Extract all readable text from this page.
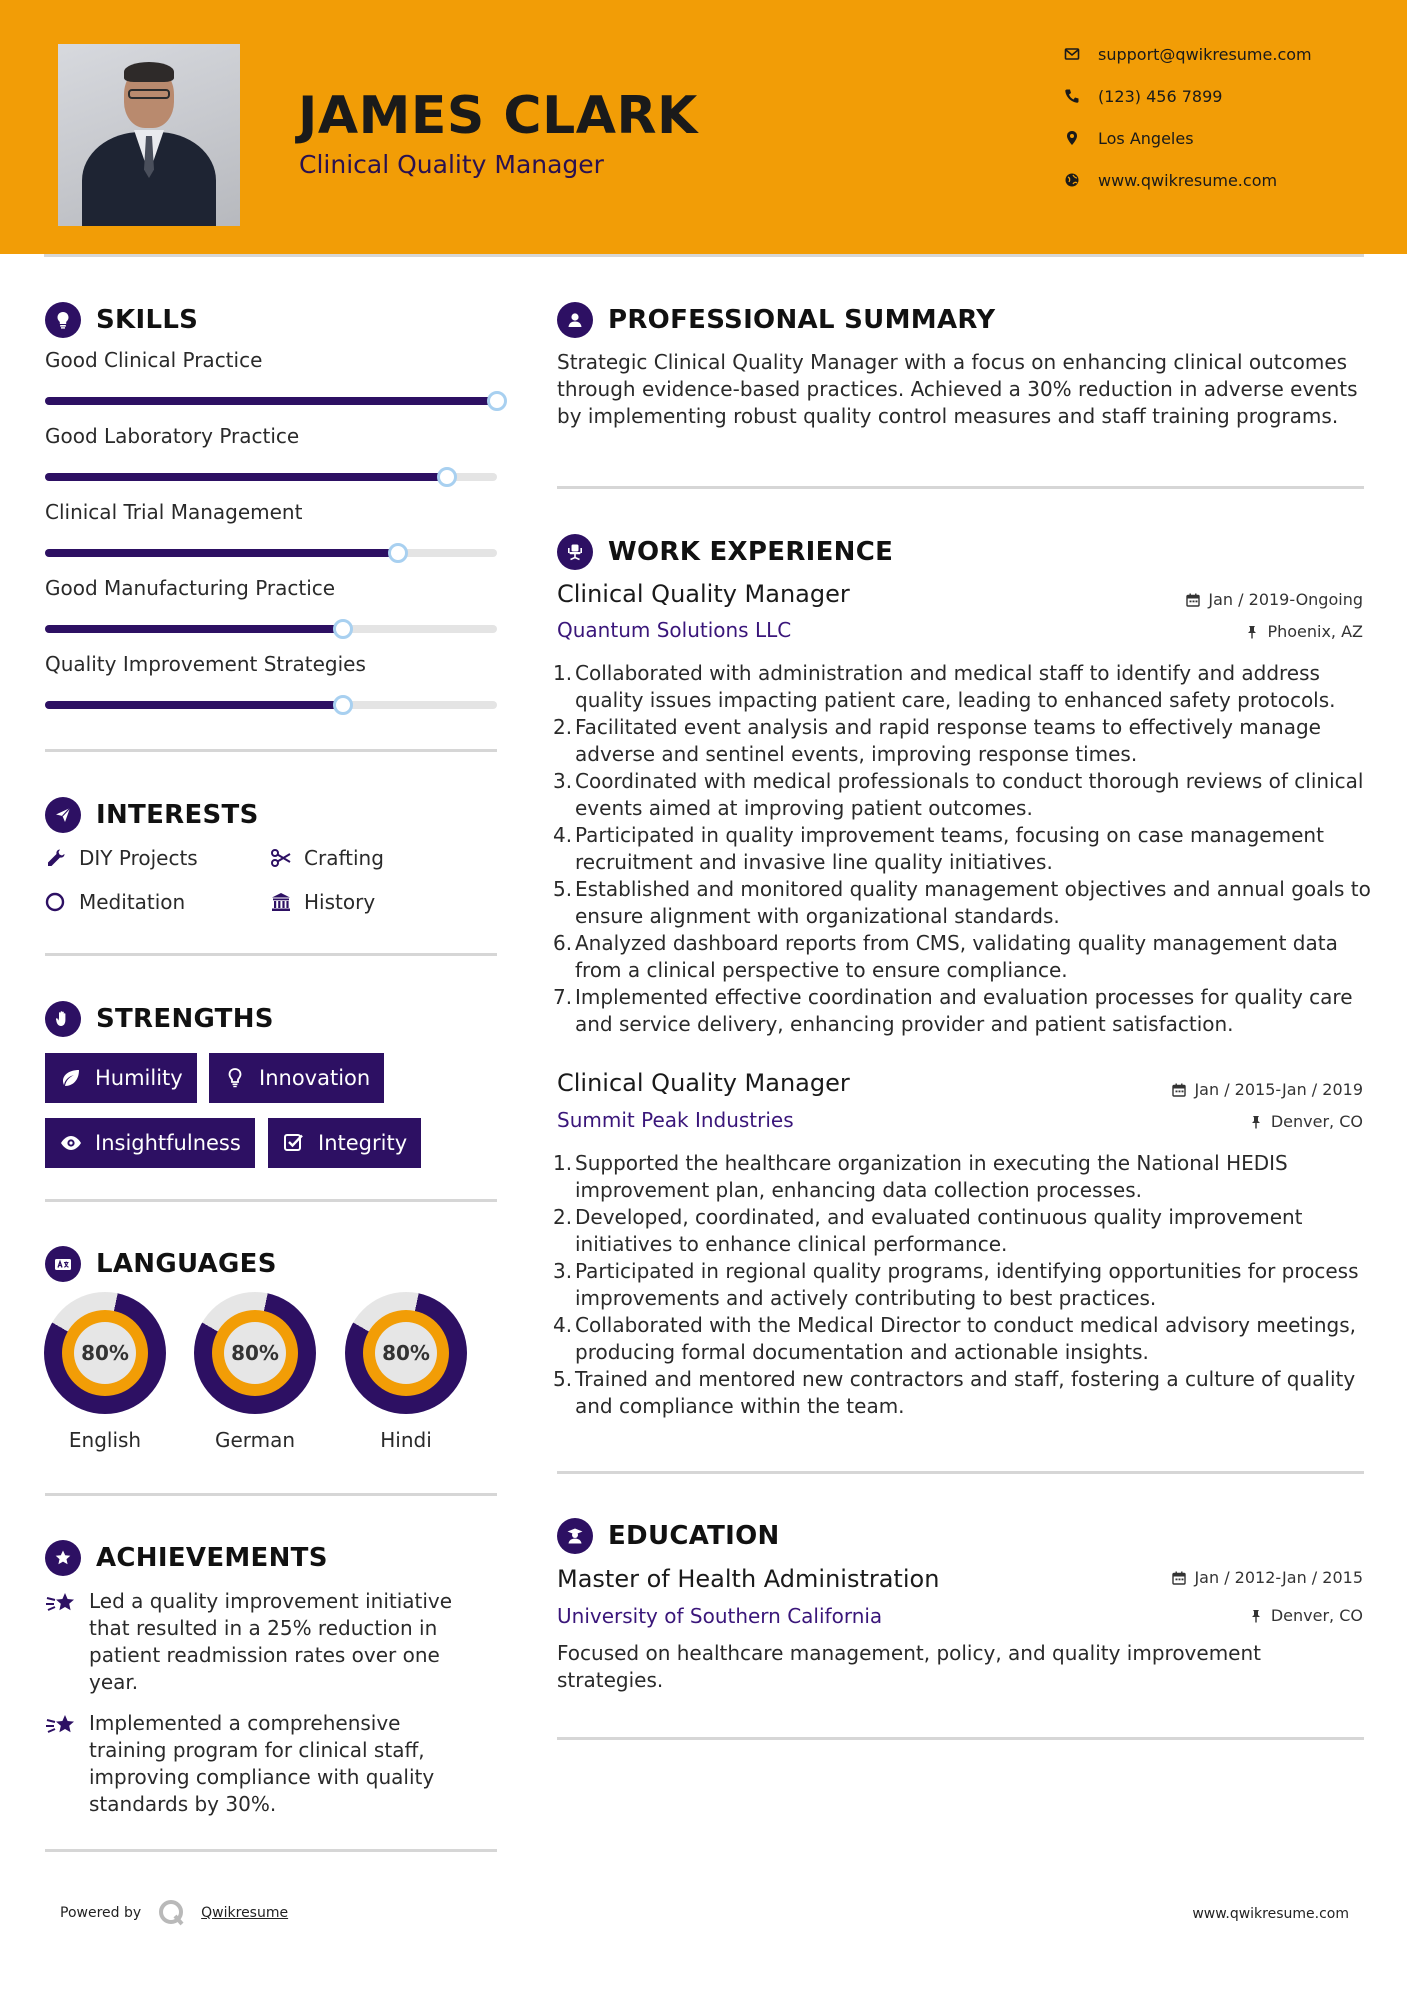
JAMES CLARK
Clinical Quality Manager
support@qwikresume.com
(123) 456 7899
Los Angeles
www.qwikresume.com
SKILLS
Good Clinical Practice
Good Laboratory Practice
Clinical Trial Management
Good Manufacturing Practice
Quality Improvement Strategies
INTERESTS
DIY Projects	Crafting
Meditation	History
STRENGTHS
Humility	Innovation
Insightfulness	Integrity
LANGUAGES
80%
English
80%
German
80%
Hindi
ACHIEVEMENTS
Led a quality improvement initiative that resulted in a 25% reduction in patient readmission rates over one year.
Implemented a comprehensive training program for clinical staff, improving compliance with quality standards by 30%.
PROFESSIONAL SUMMARY
Strategic Clinical Quality Manager with a focus on enhancing clinical outcomes through evidence-based practices. Achieved a 30% reduction in adverse events by implementing robust quality control measures and staff training programs.
WORK EXPERIENCE
Clinical Quality Manager	Jan / 2019-Ongoing
Quantum Solutions LLC	Phoenix, AZ
1. Collaborated with administration and medical staff to identify and address quality issues impacting patient care, leading to enhanced safety protocols.
2. Facilitated event analysis and rapid response teams to effectively manage adverse and sentinel events, improving response times.
3. Coordinated with medical professionals to conduct thorough reviews of clinical events aimed at improving patient outcomes.
4. Participated in quality improvement teams, focusing on case management recruitment and invasive line quality initiatives.
5. Established and monitored quality management objectives and annual goals to ensure alignment with organizational standards.
6. Analyzed dashboard reports from CMS, validating quality management data from a clinical perspective to ensure compliance.
7. Implemented effective coordination and evaluation processes for quality care and service delivery, enhancing provider and patient satisfaction.
Clinical Quality Manager	Jan / 2015-Jan / 2019
Summit Peak Industries	Denver, CO
1. Supported the healthcare organization in executing the National HEDIS improvement plan, enhancing data collection processes.
2. Developed, coordinated, and evaluated continuous quality improvement initiatives to enhance clinical performance.
3. Participated in regional quality programs, identifying opportunities for process improvements and actively contributing to best practices.
4. Collaborated with the Medical Director to conduct medical advisory meetings, producing formal documentation and actionable insights.
5. Trained and mentored new contractors and staff, fostering a culture of quality and compliance within the team.
EDUCATION
Master of Health Administration	Jan / 2012-Jan / 2015
University of Southern California	Denver, CO
Focused on healthcare management, policy, and quality improvement strategies.
Powered by	Qwikresume	www.qwikresume.com
